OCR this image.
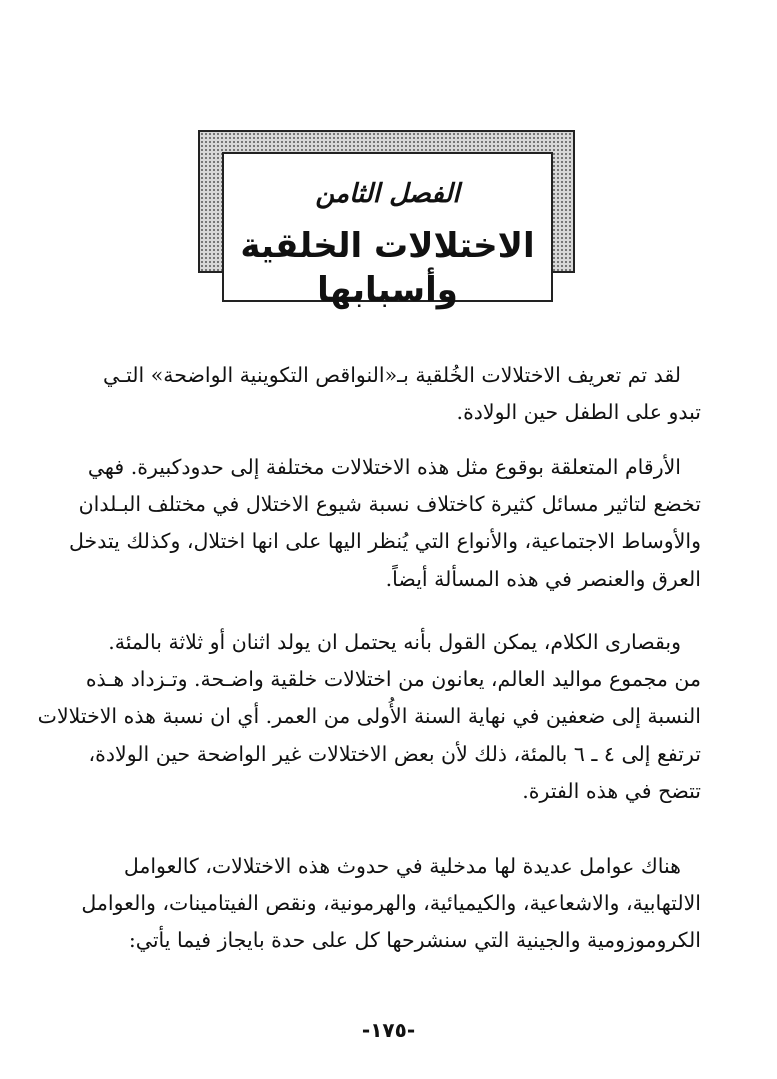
الفصل الثامن
الاختلالات الخلقية وأسبابها
لقد تم تعريف الاختلالات الخُلقية بـ«النواقص التكوينية الواضحة» التـي
تبدو على الطفل حين الولادة.
الأرقام المتعلقة بوقوع مثل هذه الاختلالات مختلفة إلى حدودكبيرة. فهي
تخضع لتاثير مسائل كثيرة كاختلاف نسبة شيوع الاختلال في مختلف البـلدان
والأوساط الاجتماعية، والأنواع التي يُنظر اليها على انها اختلال، وكذلك يتدخل
العرق والعنصر في هذه المسألة أيضاً.
وبقصارى الكلام، يمكن القول بأنه يحتمل ان يولد اثنان أو ثلاثة بالمئة.
من مجموع مواليد العالم، يعانون من اختلالات خلقية واضـحة. وتـزداد هـذه
النسبة إلى ضعفين في نهاية السنة الأُولى من العمر. أي ان نسبة هذه الاختلالات
ترتفع إلى ٤ ـ ٦ بالمئة، ذلك لأن بعض الاختلالات غير الواضحة حين الولادة،
تتضح في هذه الفترة.
هناك عوامل عديدة لها مدخلية في حدوث هذه الاختلالات، كالعوامل
الالتهابية، والاشعاعية، والكيميائية، والهرمونية، ونقص الفيتامينات، والعوامل
الكروموزومية والجينية التي سنشرحها كل على حدة بايجاز فيما يأتي:
-١٧٥-
